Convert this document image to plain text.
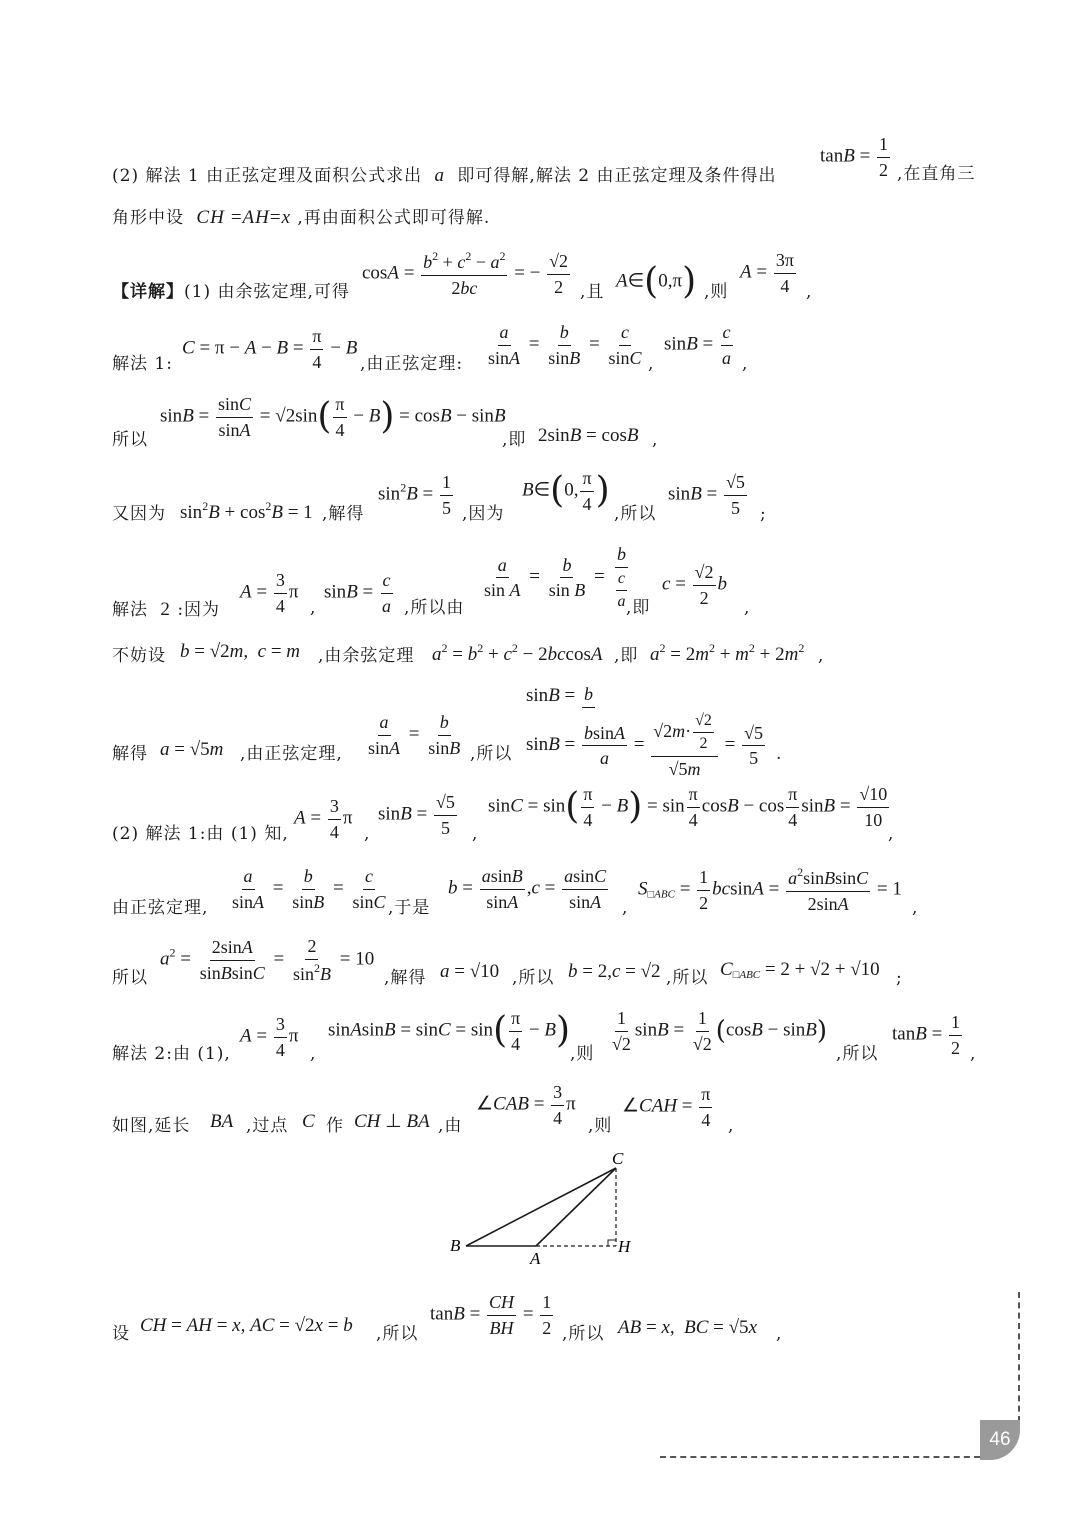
(2) 解法 1 由正弦定理及面积公式求出 a 即可得解,解法 2 由正弦定理及条件得出
$\tan B = \frac{1}{2}$ ,在直角三
角形中设 CH =AH=x ,再由面积公式即可得解.
【详解】(1) 由余弦定理,可得
$\cos A = \frac{b^2 + c^2 - a^2}{2bc}$ = − $\frac{√2}{2}$ ,且
A∈(0,π) ,则
$A = \frac{3\pi}{4}$ ,
解法 1:
$C = \pi - A - B = \frac{\pi}{4} - B$
,由正弦定理: $\frac{a}{\sin A} = \frac{b}{\sin B} = \frac{c}{\sin C}$ ,
$\sin B = \frac{c}{a}$ ,
所以
$\sin B = \frac{\sin C}{\sin A} = √2\sin( \frac{\pi}{4} - B) = \cos B - \sin B$
,即 2sinB = cosB ,
又因为 $\sin^2B + \cos^2B = 1$ ,解得
$\sin^2B = \frac{1}{5}$ ,因为
B∈(0, $\frac{\pi}{4}$ )
,所以
$\sin B = \frac{√5}{5}$ ;
解法 2 :因为
$A = \frac{3}{4}$ π
,
$\sin B = \frac{c}{a}$ ,所以由
$\frac{a}{\text{sin A}} = \frac{b}{\text{sin B}} = \frac{b}{\frac{c}{a}}$
,即
$c = \frac{√2}{2}$ b
,
不妨设 b = √2m,  c = m ,由余弦定理 $a^2 = b^2 + c^2 - 2bccosA$ ,即 $a^2 = 2m^2 + m^2 + 2m^2$ ,
解得 a = √5m ,由正弦定理, $\frac{a}{\sin A} = \frac{b}{\sin B}$ ,所以
sinB = b
$\sin B = \frac{bsinA}{a} = \frac{√2m\cdot \frac{√2}{2}}{√5m} = \frac{√5}{5}$ .
(2) 解法 1:由 (1) 知,
$A = \frac{3}{4}$ π
,
$\sin B = \frac{√5}{5}$ ,
$\sin C = \sin( \frac{\pi}{4} - B) = \sin \frac{\pi}{4}$ $\cos B - \cos \frac{\pi}{4}$ $\sin B = \frac{√10}{10}$
,
由正弦定理, $\frac{a}{\sin A} = \frac{b}{\sin B} = \frac{c}{\sin C}$ ,于是
$b = \frac{asinB}{\sin A} ,c = \frac{asinC}{\sin A}$ ,
$S_{□ABC} = \frac{1}{2}$ $bcsinA = \frac{a^2sinBsinC}{2\sin A} = 1$
,
所以
$a^2 = \frac{2\sin A}{\text{sinBsinC}} = \frac{2}{\sin^2B} = 10$
,解得 a = √10 ,所以 b = 2,c = √2 ,所以 $C_{□ABC} = 2 + √2 + √10$ ;
解法 2:由 (1),
$A = \frac{3}{4}$ π
,
sinAsinB = $\sin C = \sin( \frac{\pi}{4} - B)$
,则 $\frac{1}{√2}$ $\sin B = \frac{1}{√2} (\cos B - \sin B)$
,所以
$\tan B = \frac{1}{2}$ ,
如图,延长 BA ,过点 C 作 CH ⊥ BA ,由
∠CAB = $\frac{3}{4}$ π
,则
∠CAH = $\frac{\pi}{4}$ ,
C
B
A
H
设 CH = AH = x, AC = √2x = b ,所以
$\tan B = \frac{CH}{BH} = \frac{1}{2}$ ,所以 AB = x,  BC = √5x ,
46
